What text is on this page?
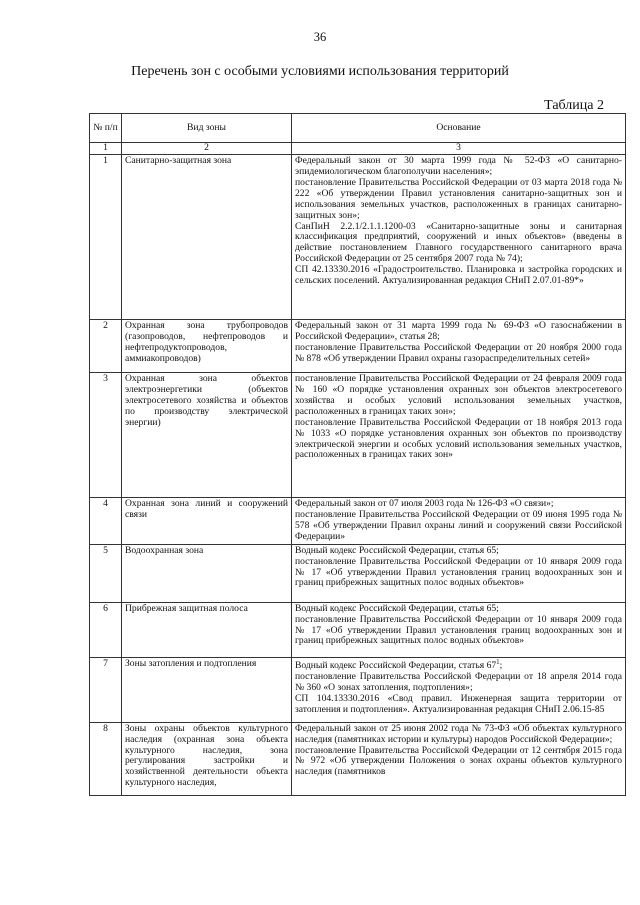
36
Перечень зон с особыми условиями использования территорий
Таблица 2
№ п/п	Вид зоны	Основание
1	2	3
1	Санитарно-защитная зона	Федеральный закон от 30 марта 1999 года № 52-ФЗ «О санитарно-эпидемиологическом благополучии населения»;
постановление Правительства Российской Федерации от 03 марта 2018 года № 222 «Об утверждении Правил установления санитарно-защитных зон и использования земельных участков, расположенных в границах санитарно-защитных зон»;
СанПиН 2.2.1/2.1.1.1200-03 «Санитарно-защитные зоны и санитарная классификация предприятий, сооружений и иных объектов» (введены в действие постановлением Главного государственного санитарного врача Российской Федерации от 25 сентября 2007 года № 74);
СП 42.13330.2016 «Градостроительство. Планировка и застройка городских и сельских поселений. Актуализированная редакция СНиП 2.07.01-89*»

2	Охранная зона трубопроводов (газопроводов, нефтепроводов и нефтепродуктопроводов, аммиакопроводов)	Федеральный закон от 31 марта 1999 года № 69-ФЗ «О газоснабжении в Российской Федерации», статья 28;
постановление Правительства Российской Федерации от 20 ноября 2000 года № 878 «Об утверждении Правил охраны газораспределительных сетей»

3	Охранная зона объектов электроэнергетики (объектов электросетевого хозяйства и объектов по производству электрической энергии)	постановление Правительства Российской Федерации от 24 февраля 2009 года № 160 «О порядке установления охранных зон объектов электросетевого хозяйства и особых условий использования земельных участков, расположенных в границах таких зон»;
постановление Правительства Российской Федерации от 18 ноября 2013 года № 1033 «О порядке установления охранных зон объектов по производству электрической энергии и особых условий использования земельных участков, расположенных в границах таких зон»

4	Охранная зона линий и сооружений связи	Федеральный закон от 07 июля 2003 года № 126-ФЗ «О связи»;
постановление Правительства Российской Федерации от 09 июня 1995 года № 578 «Об утверждении Правил охраны линий и сооружений связи Российской Федерации»

5	Водоохранная зона	Водный кодекс Российской Федерации, статья 65;
постановление Правительства Российской Федерации от 10 января 2009 года № 17 «Об утверждении Правил установления границ водоохранных зон и границ прибрежных защитных полос водных объектов»

6	Прибрежная защитная полоса	Водный кодекс Российской Федерации, статья 65;
постановление Правительства Российской Федерации от 10 января 2009 года № 17 «Об утверждении Правил установления границ водоохранных зон и границ прибрежных защитных полос водных объектов»

7	Зоны затопления и подтопления	Водный кодекс Российской Федерации, статья $67^1$;
постановление Правительства Российской Федерации от 18 апреля 2014 года № 360 «О зонах затопления, подтопления»;
СП 104.13330.2016 «Свод правил. Инженерная защита территории от затопления и подтопления». Актуализированная редакция СНиП 2.06.15-85

8	Зоны охраны объектов культурного наследия (охранная зона объекта культурного наследия, зона регулирования застройки и хозяйственной деятельности объекта культурного наследия,	Федеральный закон от 25 июня 2002 года № 73-ФЗ «Об объектах культурного наследия (памятниках истории и культуры) народов Российской Федерации»;
постановление Правительства Российской Федерации от 12 сентября 2015 года № 972 «Об утверждении Положения о зонах охраны объектов культурного наследия (памятников
